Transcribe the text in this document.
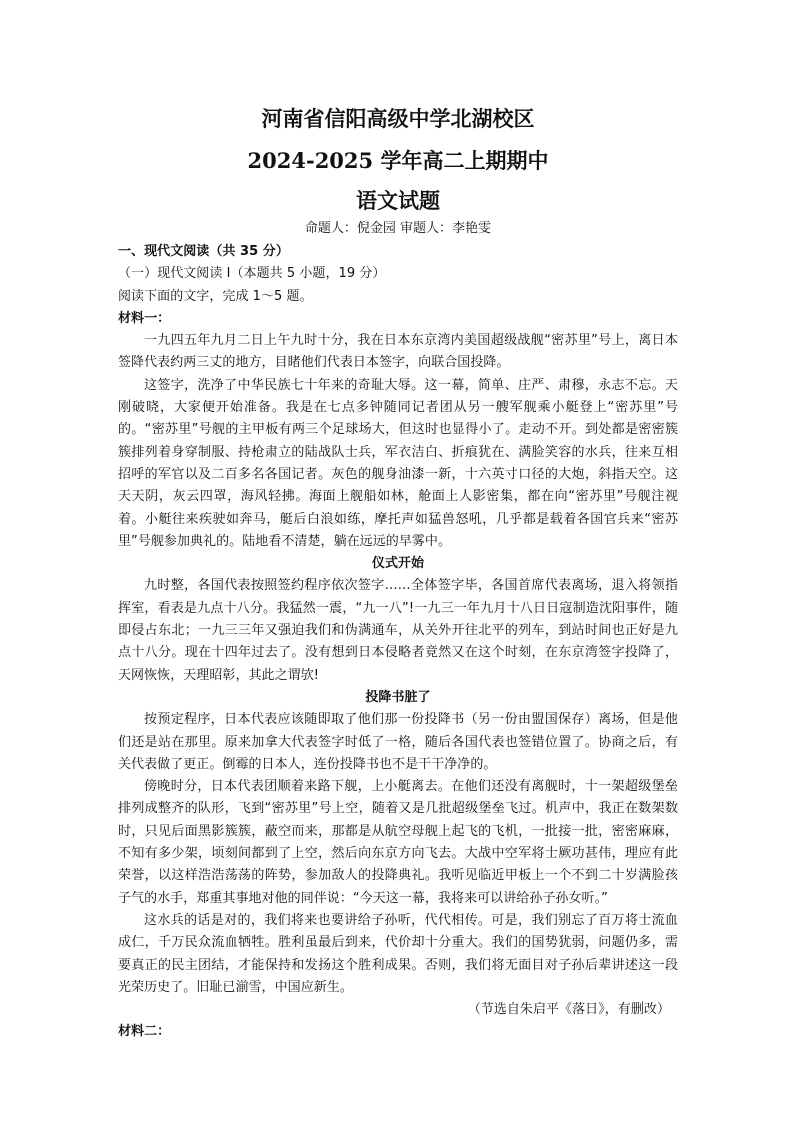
河南省信阳高级中学北湖校区
2024-2025 学年高二上期期中
语文试题
命题人：倪金园 审题人：李艳雯

一、现代文阅读（共 35 分）

（一）现代文阅读 I（本题共 5 小题，19 分）

阅读下面的文字，完成 1～5 题。

材料一：

一九四五年九月二日上午九时十分，我在日本东京湾内美国超级战舰“密苏里”号上，离日本签降代表约两三丈的地方，目睹他们代表日本签字，向联合国投降。

这签字，洗净了中华民族七十年来的奇耻大辱。这一幕，简单、庄严、肃穆，永志不忘。天刚破晓，大家便开始准备。我是在七点多钟随同记者团从另一艘军舰乘小艇登上“密苏里”号的。“密苏里”号舰的主甲板有两三个足球场大，但这时也显得小了。走动不开。到处都是密密簇簇排列着身穿制服、持枪肃立的陆战队士兵，军衣洁白、折痕犹在、满脸笑容的水兵，往来互相招呼的军官以及二百多名各国记者。灰色的舰身油漆一新，十六英寸口径的大炮，斜指天空。这天天阴，灰云四罩，海风轻拂。海面上舰船如林，舱面上人影密集，都在向“密苏里”号舰注视着。小艇往来疾驶如奔马，艇后白浪如练，摩托声如猛兽怒吼，几乎都是载着各国官兵来“密苏里”号舰参加典礼的。陆地看不清楚，躺在远远的早雾中。

仪式开始

九时整，各国代表按照签约程序依次签字……全体签字毕，各国首席代表离场，退入将领指挥室，看表是九点十八分。我猛然一震，“九一八”!一九三一年九月十八日日寇制造沈阳事件，随即侵占东北；一九三三年又强迫我们和伪满通车，从关外开往北平的列车，到站时间也正好是九点十八分。现在十四年过去了。没有想到日本侵略者竟然又在这个时刻，在东京湾签字投降了，天网恢恢，天理昭彰，其此之谓欤!

投降书脏了

按预定程序，日本代表应该随即取了他们那一份投降书（另一份由盟国保存）离场，但是他们还是站在那里。原来加拿大代表签字时低了一格，随后各国代表也签错位置了。协商之后，有关代表做了更正。倒霉的日本人，连份投降书也不是干干净净的。

傍晚时分，日本代表团顺着来路下舰，上小艇离去。在他们还没有离舰时，十一架超级堡垒排列成整齐的队形，飞到“密苏里”号上空，随着又是几批超级堡垒飞过。机声中，我正在数架数时，只见后面黑影簇簇，蔽空而来，那都是从航空母舰上起飞的飞机，一批接一批，密密麻麻，不知有多少架，顷刻间都到了上空，然后向东京方向飞去。大战中空军将士厥功甚伟，理应有此荣誉，以这样浩浩荡荡的阵势，参加敌人的投降典礼。我听见临近甲板上一个不到二十岁满脸孩子气的水手，郑重其事地对他的同伴说：“今天这一幕，我将来可以讲给孙子孙女听。”

这水兵的话是对的，我们将来也要讲给子孙听，代代相传。可是，我们别忘了百万将士流血成仁，千万民众流血牺牲。胜利虽最后到来，代价却十分重大。我们的国势犹弱，问题仍多，需要真正的民主团结，才能保持和发扬这个胜利成果。否则，我们将无面目对子孙后辈讲述这一段光荣历史了。旧耻已湔雪，中国应新生。

（节选自朱启平《落日》，有删改）

材料二：
